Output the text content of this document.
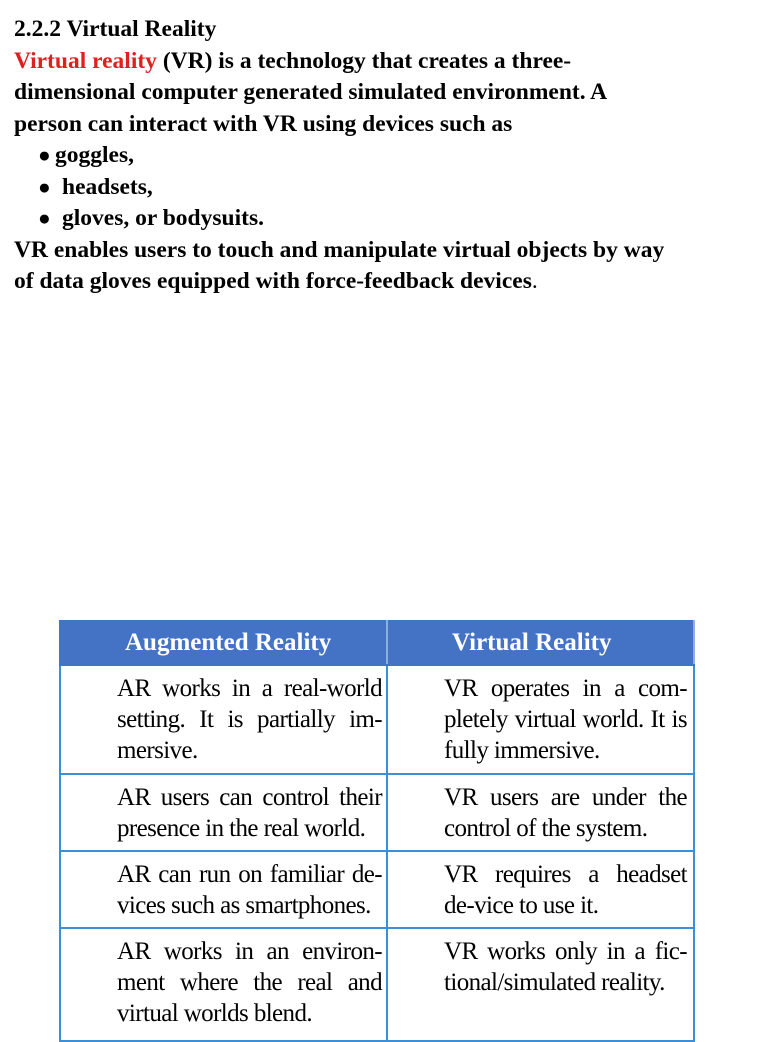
2.2.2 Virtual Reality
Virtual reality (VR) is a technology that creates a three-
dimensional computer generated simulated environment. A
person can interact with VR using devices such as
● goggles,
● headsets,
● gloves, or bodysuits.
VR enables users to touch and manipulate virtual objects by way
of data gloves equipped with force-feedback devices.
Augmented Reality	Virtual Reality
AR works in a real-world setting. It is partially im-mersive.	VR operates in a com-pletely virtual world. It is fully immersive.
AR users can control their presence in the real world.	VR users are under the control of the system.
AR can run on familiar de-vices such as smartphones.	VR requires a headset de-vice to use it.
AR works in an environ-ment where the real and virtual worlds blend.	VR works only in a fic-tional/simulated reality.
